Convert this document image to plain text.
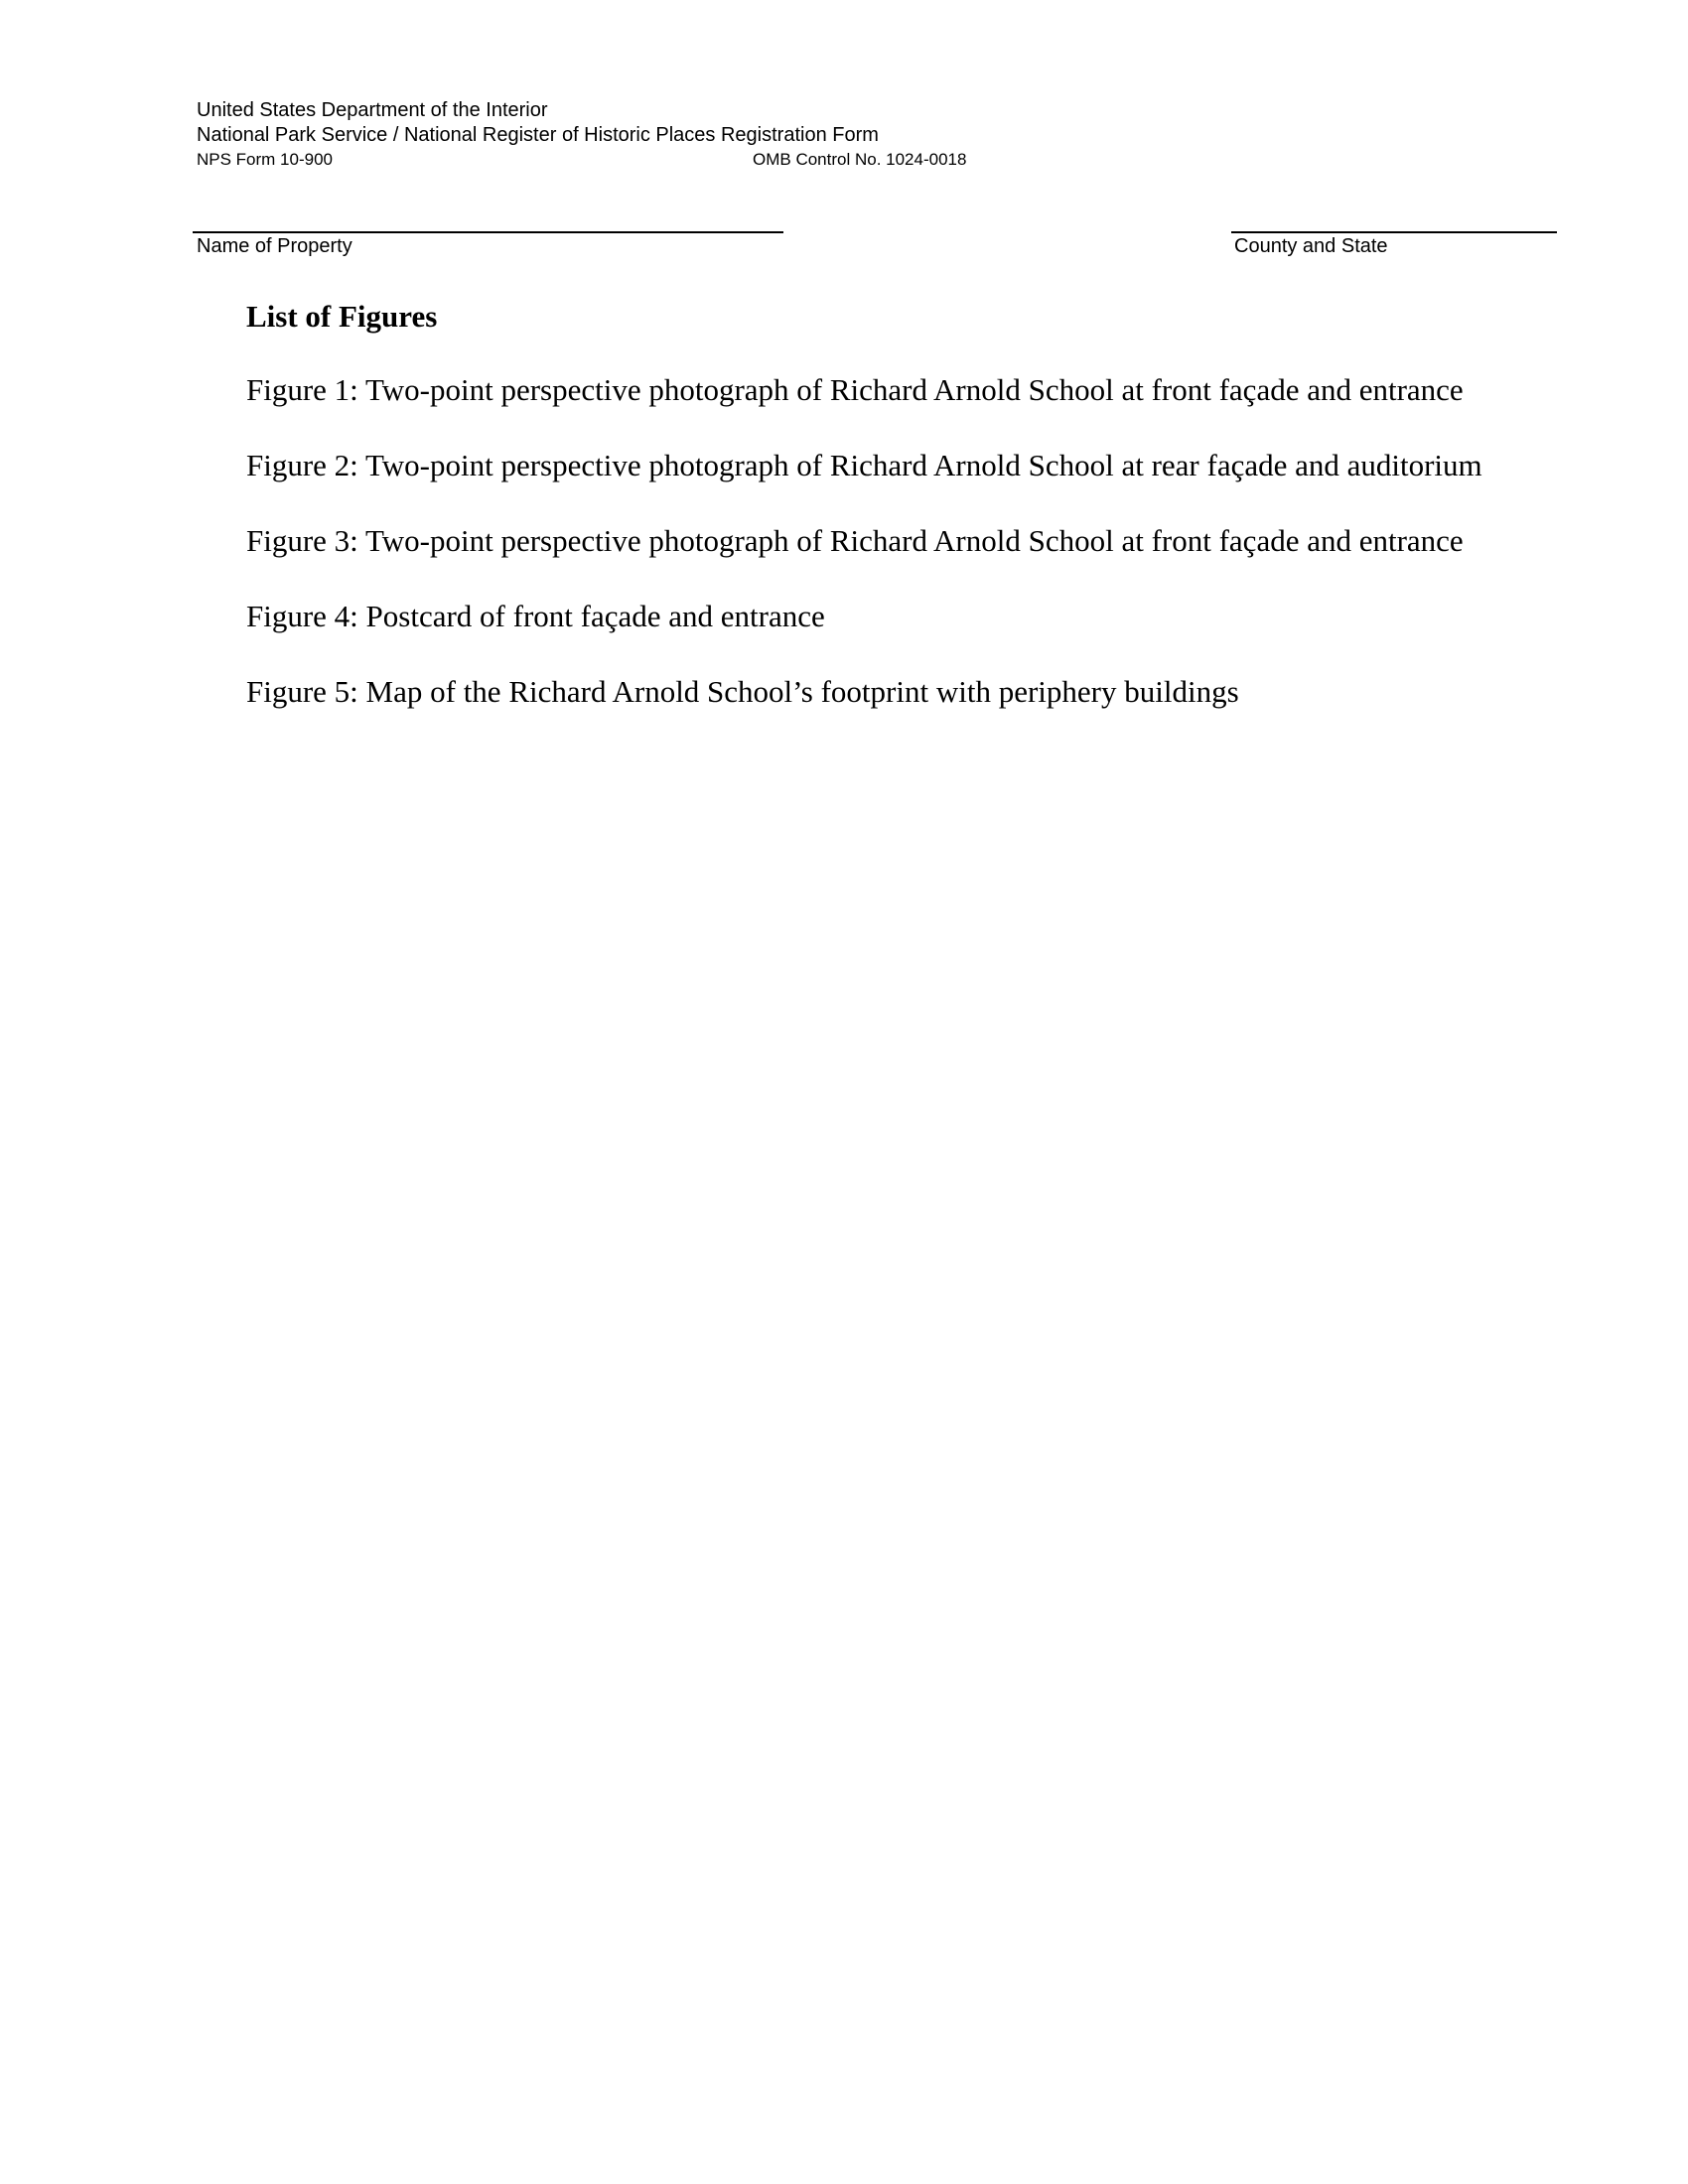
United States Department of the Interior
National Park Service / National Register of Historic Places Registration Form
NPS Form 10-900	OMB Control No. 1024-0018
Name of Property	County and State
List of Figures
Figure 1: Two-point perspective photograph of Richard Arnold School at front façade and entrance
Figure 2: Two-point perspective photograph of Richard Arnold School at rear façade and auditorium
Figure 3: Two-point perspective photograph of Richard Arnold School at front façade and entrance
Figure 4: Postcard of front façade and entrance
Figure 5: Map of the Richard Arnold School’s footprint with periphery buildings
